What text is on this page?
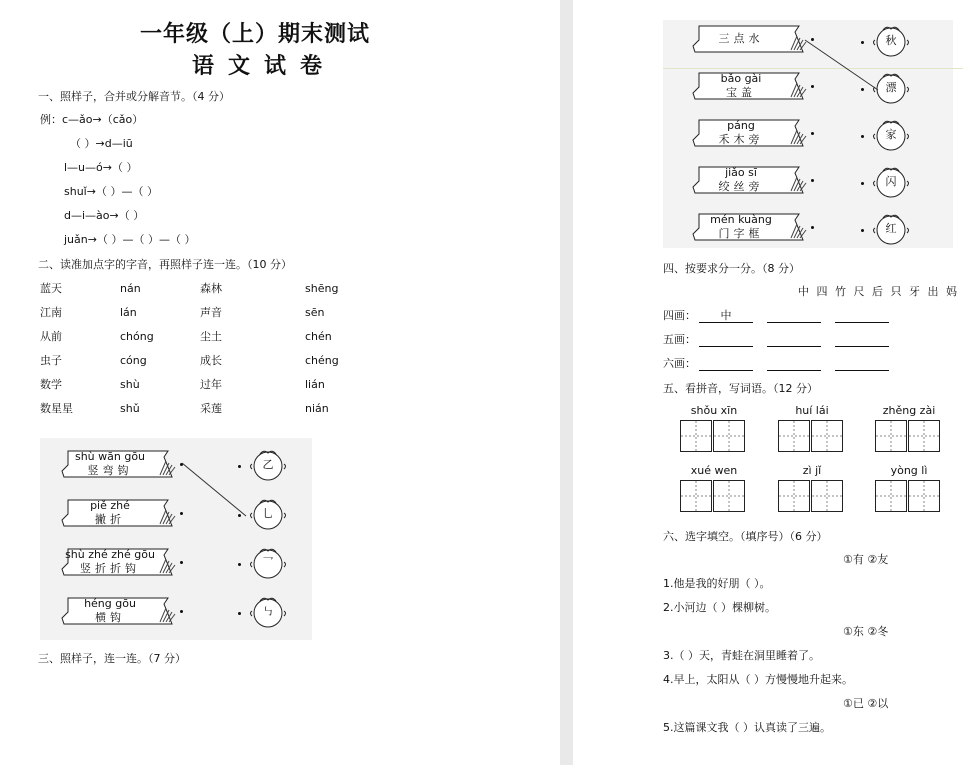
一年级（上）期末测试
语文试卷
一、照样子，合并或分解音节。（4 分）
例：c—ǎo→（cǎo）
（ ）→d—iū
l—u—ó→（ ）
shuǐ→（ ）—（ ）
d—i—ào→（ ）
juǎn→（ ）—（ ）—（ ）
二、读准加点字的字音，再照样子连一连。（10 分）
蓝天	nán	森林	shēng
江南	lán	声音	sēn
从前	chóng	尘土	chén
虫子	cóng	成长	chéng
数学	shù	过年	lián
数星星	shǔ	采莲	nián
shù wān gōu
竖弯钩
piě zhé
撇折
shù zhé zhé gōu
竖折折钩
héng gōu
横钩
乙
乚
乛
㇉
三、照样子，连一连。（7 分）
三点水
bǎo gài
宝盖
páng
禾木旁
jiǎo sī
绞丝旁
mén kuàng
门字框
秋
漂
家
闪
红
四、按要求分一分。（8 分）
中 四 竹 尺 后 只 牙 出 妈
四画：	中
五画：
六画：
五、看拼音，写词语。（12 分）
shǒu xīn	huí lái	zhěng zài
xué wen	zì jǐ	yòng lì
六、选字填空。（填序号）（6 分）
①有 ②友
1.他是我的好朋（ ）。
2.小河边（ ）棵柳树。
①东 ②冬
3.（ ）天，青蛙在洞里睡着了。
4.早上，太阳从（ ）方慢慢地升起来。
①已 ②以
5.这篇课文我（ ）认真读了三遍。
